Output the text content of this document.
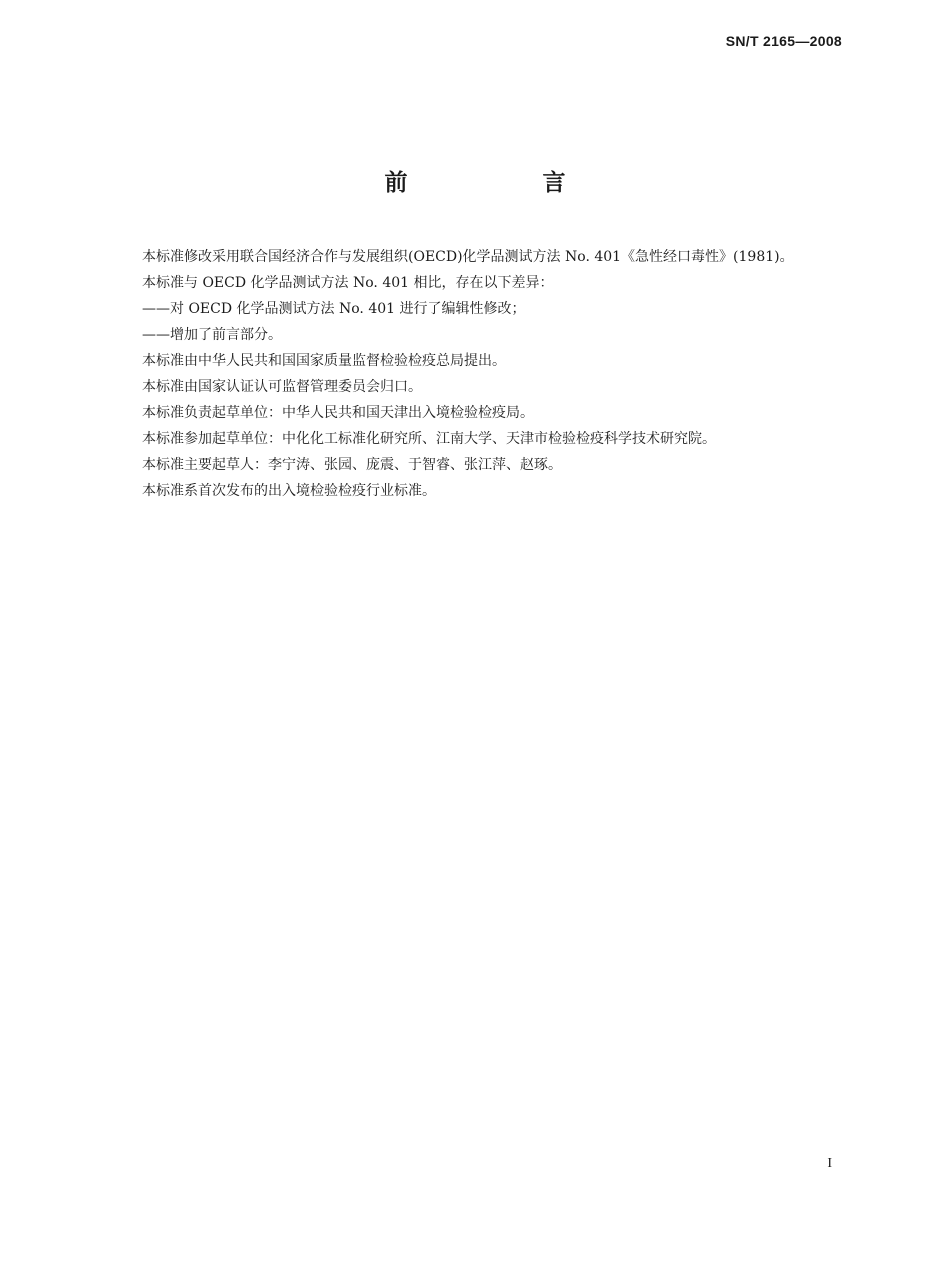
SN/T 2165—2008
前　言

本标准修改采用联合国经济合作与发展组织(OECD)化学品测试方法 No. 401《急性经口毒性》(1981)。

本标准与 OECD 化学品测试方法 No. 401 相比，存在以下差异：

——对 OECD 化学品测试方法 No. 401 进行了编辑性修改；

——增加了前言部分。

本标准由中华人民共和国国家质量监督检验检疫总局提出。

本标准由国家认证认可监督管理委员会归口。

本标准负责起草单位：中华人民共和国天津出入境检验检疫局。

本标准参加起草单位：中化化工标准化研究所、江南大学、天津市检验检疫科学技术研究院。

本标准主要起草人：李宁涛、张园、庞震、于智睿、张江萍、赵琢。

本标准系首次发布的出入境检验检疫行业标准。

I
